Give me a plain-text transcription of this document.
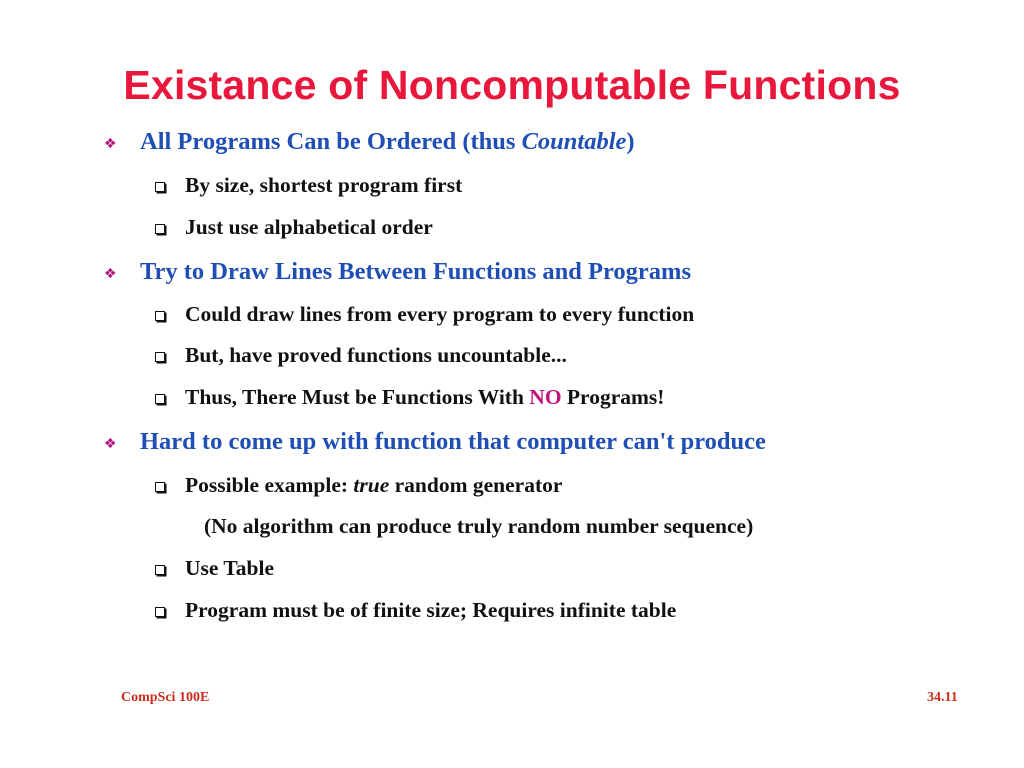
Existance of Noncomputable Functions
❖ All Programs Can be Ordered (thus Countable)
By size, shortest program first
Just use alphabetical order
❖ Try to Draw Lines Between Functions and Programs
Could draw lines from every program to every function
But, have proved functions uncountable...
Thus, There Must be Functions With NO Programs!
❖ Hard to come up with function that computer can't produce
Possible example: true random generator
(No algorithm can produce truly random number sequence)
Use Table
Program must be of finite size; Requires infinite table
CompSci 100E	34.11
